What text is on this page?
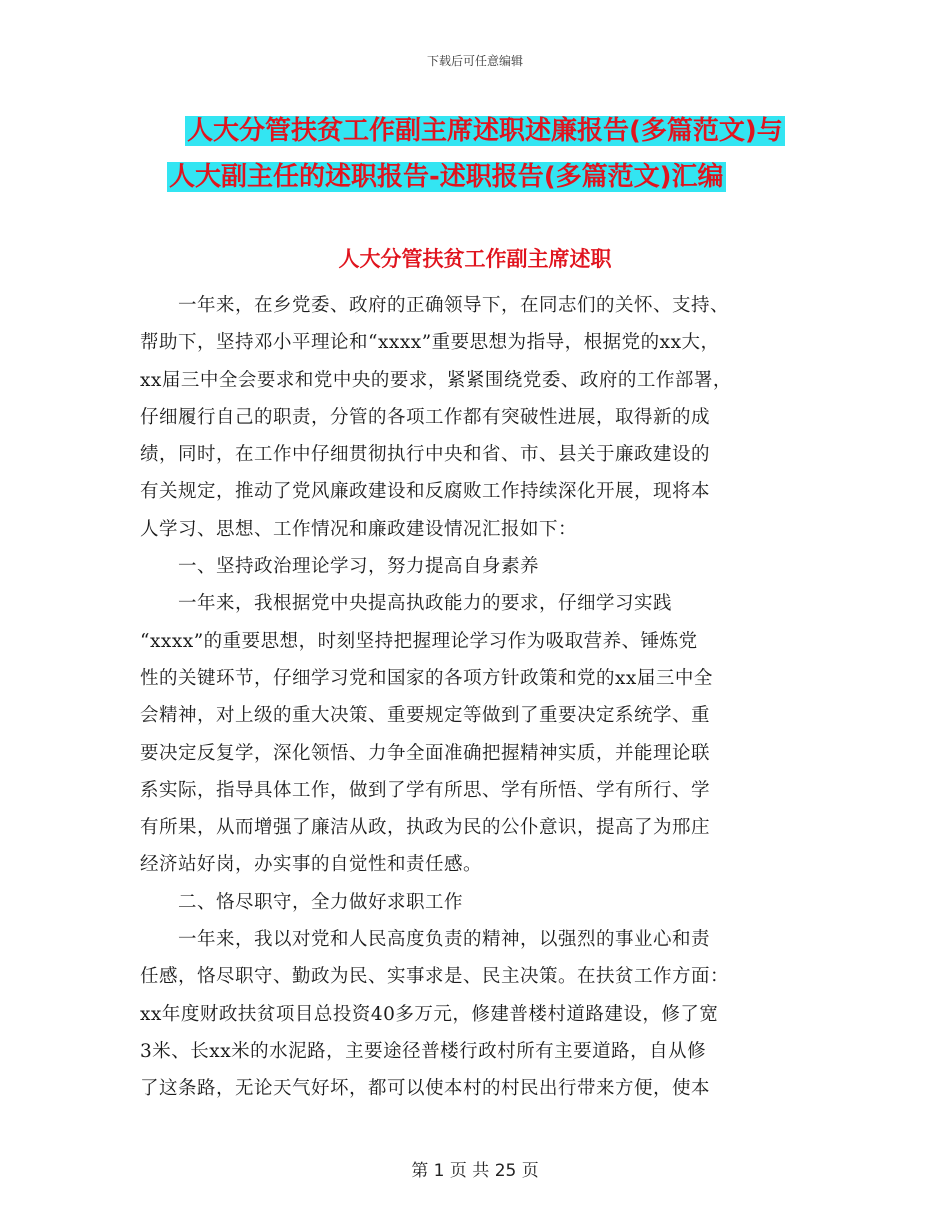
下载后可任意编辑
人大分管扶贫工作副主席述职述廉报告(多篇范文)与
人大副主任的述职报告-述职报告(多篇范文)汇编
人大分管扶贫工作副主席述职
　　一年来，在乡党委、政府的正确领导下，在同志们的关怀、支持、
帮助下，坚持邓小平理论和“xxxx”重要思想为指导，根据党的xx大，
xx届三中全会要求和党中央的要求，紧紧围绕党委、政府的工作部署，
仔细履行自己的职责，分管的各项工作都有突破性进展，取得新的成
绩，同时，在工作中仔细贯彻执行中央和省、市、县关于廉政建设的
有关规定，推动了党风廉政建设和反腐败工作持续深化开展，现将本
人学习、思想、工作情况和廉政建设情况汇报如下：
　　一、坚持政治理论学习，努力提高自身素养
　　一年来，我根据党中央提高执政能力的要求，仔细学习实践
“xxxx”的重要思想，时刻坚持把握理论学习作为吸取营养、锤炼党
性的关键环节，仔细学习党和国家的各项方针政策和党的xx届三中全
会精神，对上级的重大决策、重要规定等做到了重要决定系统学、重
要决定反复学，深化领悟、力争全面准确把握精神实质，并能理论联
系实际，指导具体工作，做到了学有所思、学有所悟、学有所行、学
有所果，从而增强了廉洁从政，执政为民的公仆意识，提高了为邢庄
经济站好岗，办实事的自觉性和责任感。
　　二、恪尽职守，全力做好求职工作
　　一年来，我以对党和人民高度负责的精神，以强烈的事业心和责
任感，恪尽职守、勤政为民、实事求是、民主决策。在扶贫工作方面：
xx年度财政扶贫项目总投资40多万元，修建普楼村道路建设，修了宽
3米、长xx米的水泥路，主要途径普楼行政村所有主要道路，自从修
了这条路，无论天气好坏，都可以使本村的村民出行带来方便，使本
第 1 页 共 25 页
